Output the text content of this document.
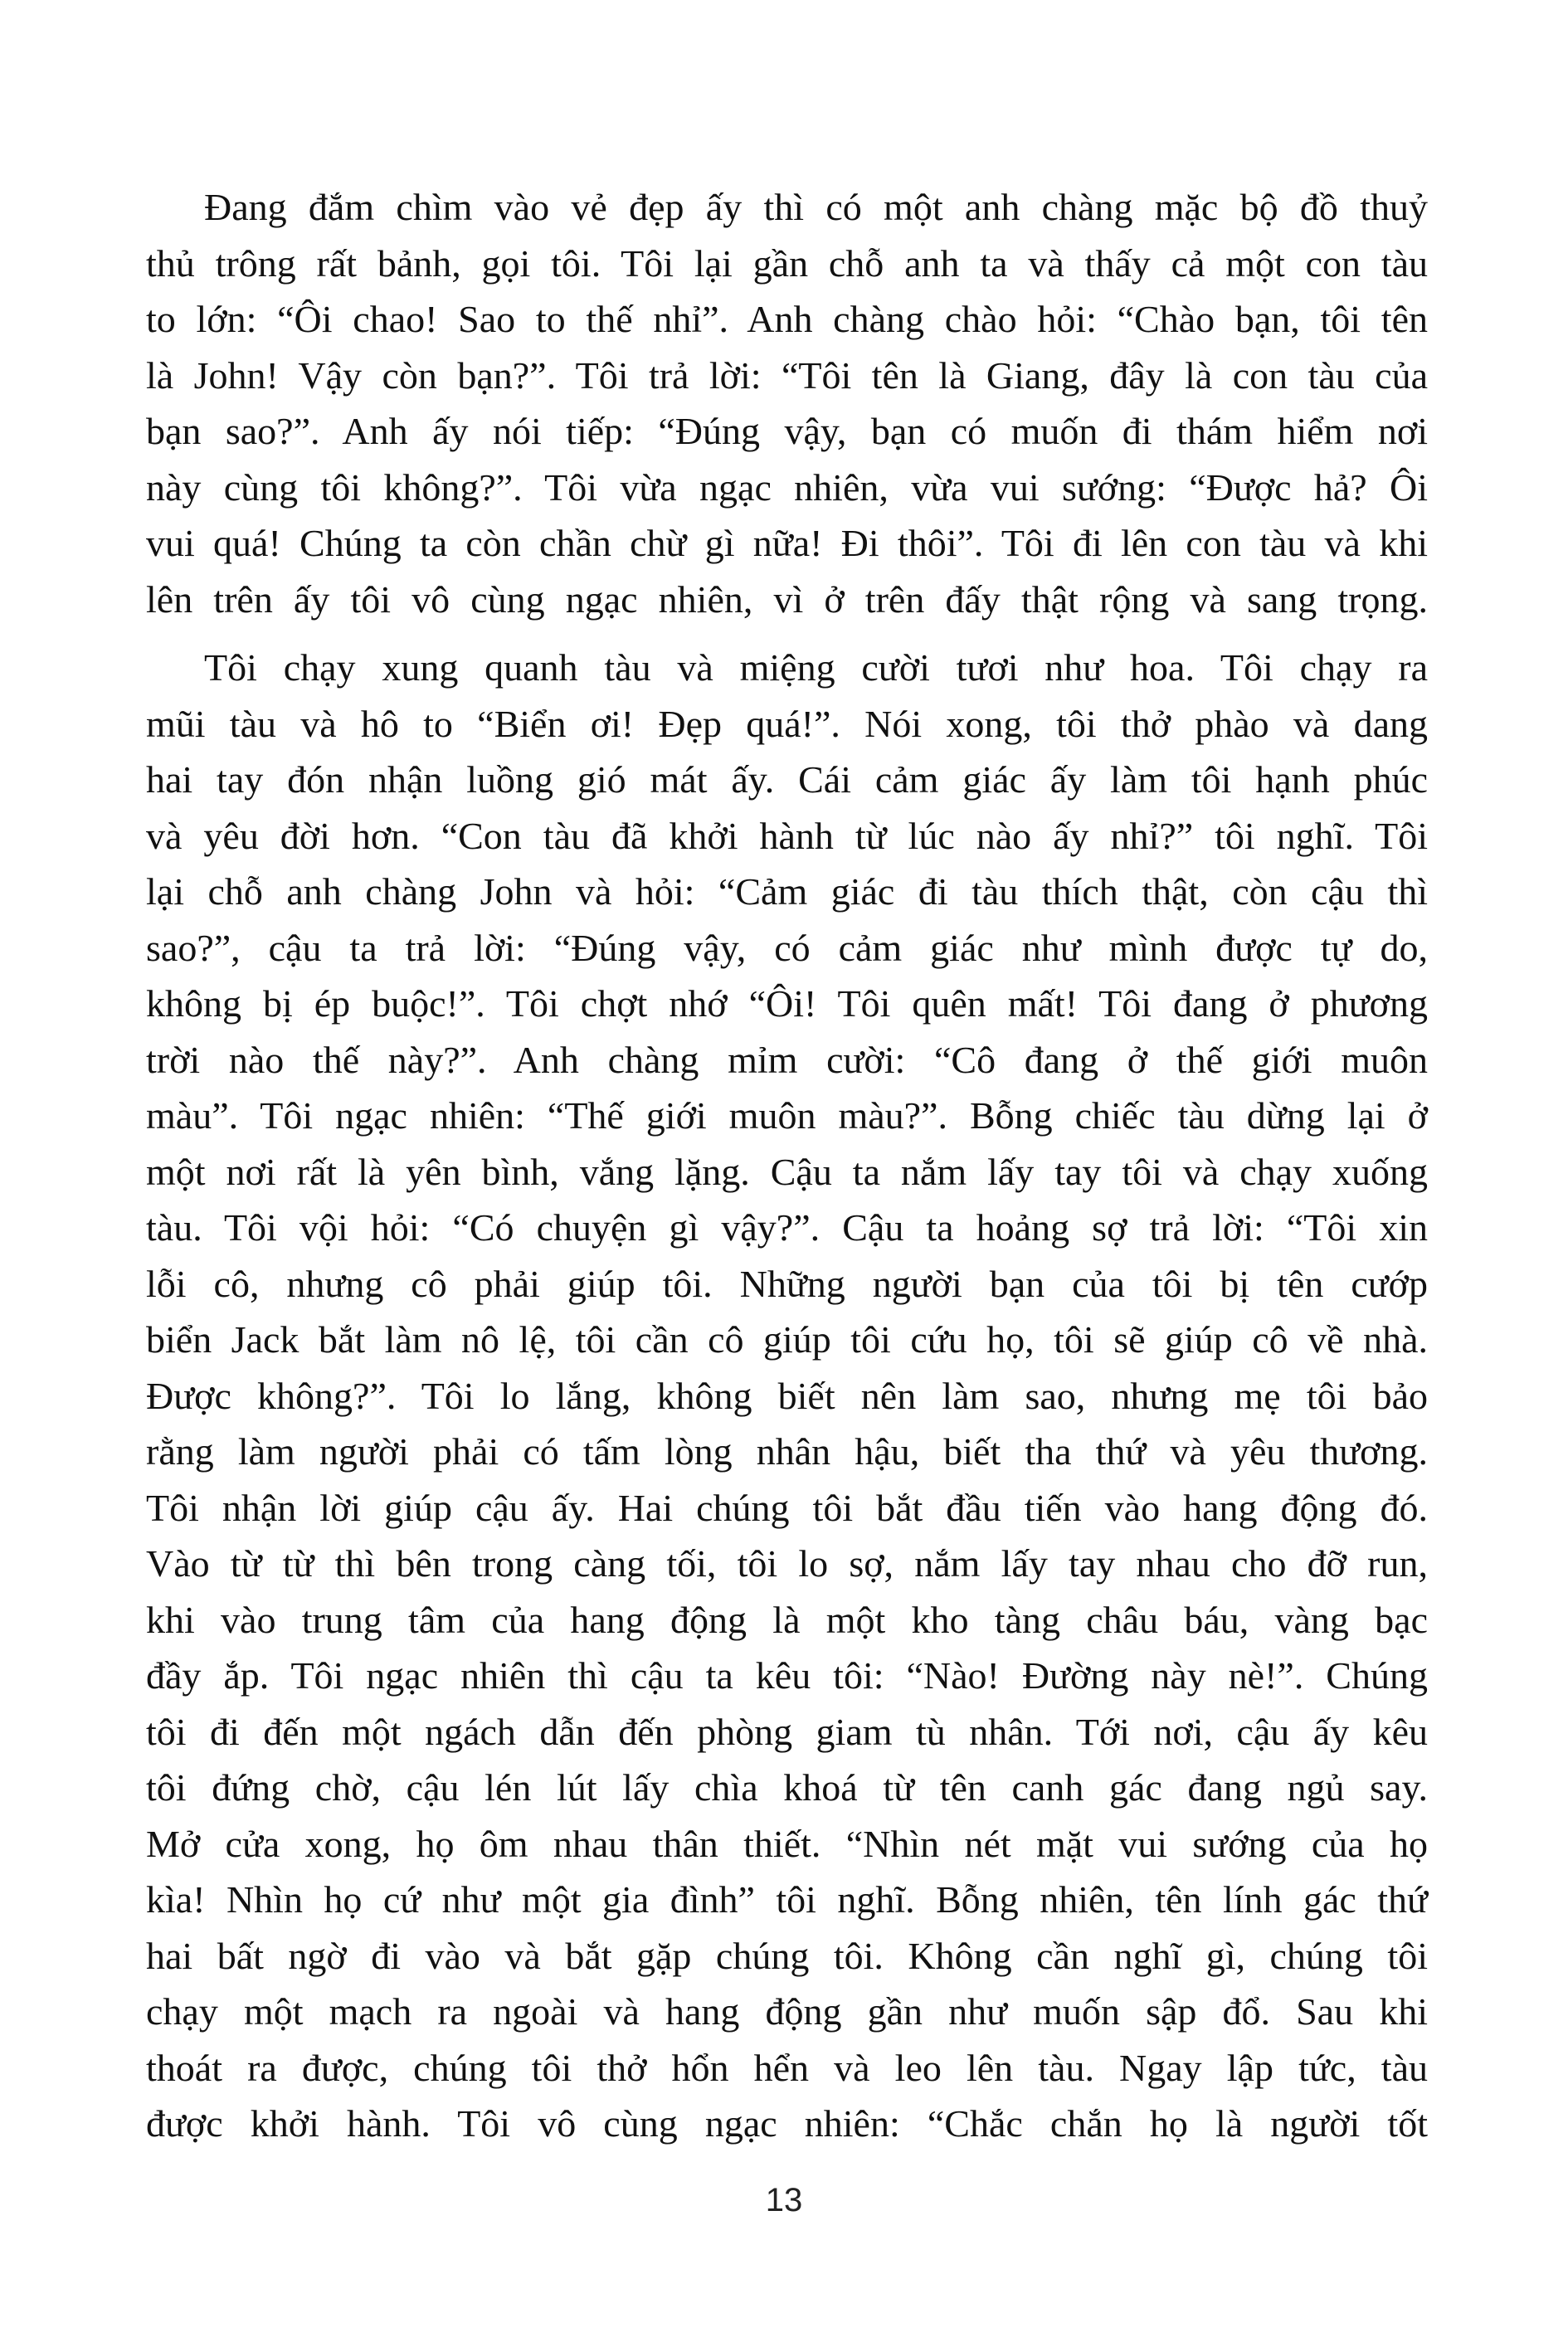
Đang đắm chìm vào vẻ đẹp ấy thì có một anh chàng mặc bộ đồ thuỷ
thủ trông rất bảnh, gọi tôi. Tôi lại gần chỗ anh ta và thấy cả một con tàu
to lớn: “Ôi chao! Sao to thế nhỉ”. Anh chàng chào hỏi: “Chào bạn, tôi tên
là John! Vậy còn bạn?”. Tôi trả lời: “Tôi tên là Giang, đây là con tàu của
bạn sao?”. Anh ấy nói tiếp: “Đúng vậy, bạn có muốn đi thám hiểm nơi
này cùng tôi không?”. Tôi vừa ngạc nhiên, vừa vui sướng: “Được hả? Ôi
vui quá! Chúng ta còn chần chừ gì nữa! Đi thôi”. Tôi đi lên con tàu và khi
lên trên ấy tôi vô cùng ngạc nhiên, vì ở trên đấy thật rộng và sang trọng.
Tôi chạy xung quanh tàu và miệng cười tươi như hoa. Tôi chạy ra
mũi tàu và hô to “Biển ơi! Đẹp quá!”. Nói xong, tôi thở phào và dang
hai tay đón nhận luồng gió mát ấy. Cái cảm giác ấy làm tôi hạnh phúc
và yêu đời hơn. “Con tàu đã khởi hành từ lúc nào ấy nhỉ?” tôi nghĩ. Tôi
lại chỗ anh chàng John và hỏi: “Cảm giác đi tàu thích thật, còn cậu thì
sao?”, cậu ta trả lời: “Đúng vậy, có cảm giác như mình được tự do,
không bị ép buộc!”. Tôi chợt nhớ “Ôi! Tôi quên mất! Tôi đang ở phương
trời nào thế này?”. Anh chàng mỉm cười: “Cô đang ở thế giới muôn
màu”. Tôi ngạc nhiên: “Thế giới muôn màu?”. Bỗng chiếc tàu dừng lại ở
một nơi rất là yên bình, vắng lặng. Cậu ta nắm lấy tay tôi và chạy xuống
tàu. Tôi vội hỏi: “Có chuyện gì vậy?”. Cậu ta hoảng sợ trả lời: “Tôi xin
lỗi cô, nhưng cô phải giúp tôi. Những người bạn của tôi bị tên cướp
biển Jack bắt làm nô lệ, tôi cần cô giúp tôi cứu họ, tôi sẽ giúp cô về nhà.
Được không?”. Tôi lo lắng, không biết nên làm sao, nhưng mẹ tôi bảo
rằng làm người phải có tấm lòng nhân hậu, biết tha thứ và yêu thương.
Tôi nhận lời giúp cậu ấy. Hai chúng tôi bắt đầu tiến vào hang động đó.
Vào từ từ thì bên trong càng tối, tôi lo sợ, nắm lấy tay nhau cho đỡ run,
khi vào trung tâm của hang động là một kho tàng châu báu, vàng bạc
đầy ắp. Tôi ngạc nhiên thì cậu ta kêu tôi: “Nào! Đường này nè!”. Chúng
tôi đi đến một ngách dẫn đến phòng giam tù nhân. Tới nơi, cậu ấy kêu
tôi đứng chờ, cậu lén lút lấy chìa khoá từ tên canh gác đang ngủ say.
Mở cửa xong, họ ôm nhau thân thiết. “Nhìn nét mặt vui sướng của họ
kìa! Nhìn họ cứ như một gia đình” tôi nghĩ. Bỗng nhiên, tên lính gác thứ
hai bất ngờ đi vào và bắt gặp chúng tôi. Không cần nghĩ gì, chúng tôi
chạy một mạch ra ngoài và hang động gần như muốn sập đổ. Sau khi
thoát ra được, chúng tôi thở hổn hển và leo lên tàu. Ngay lập tức, tàu
được khởi hành. Tôi vô cùng ngạc nhiên: “Chắc chắn họ là người tốt
13
